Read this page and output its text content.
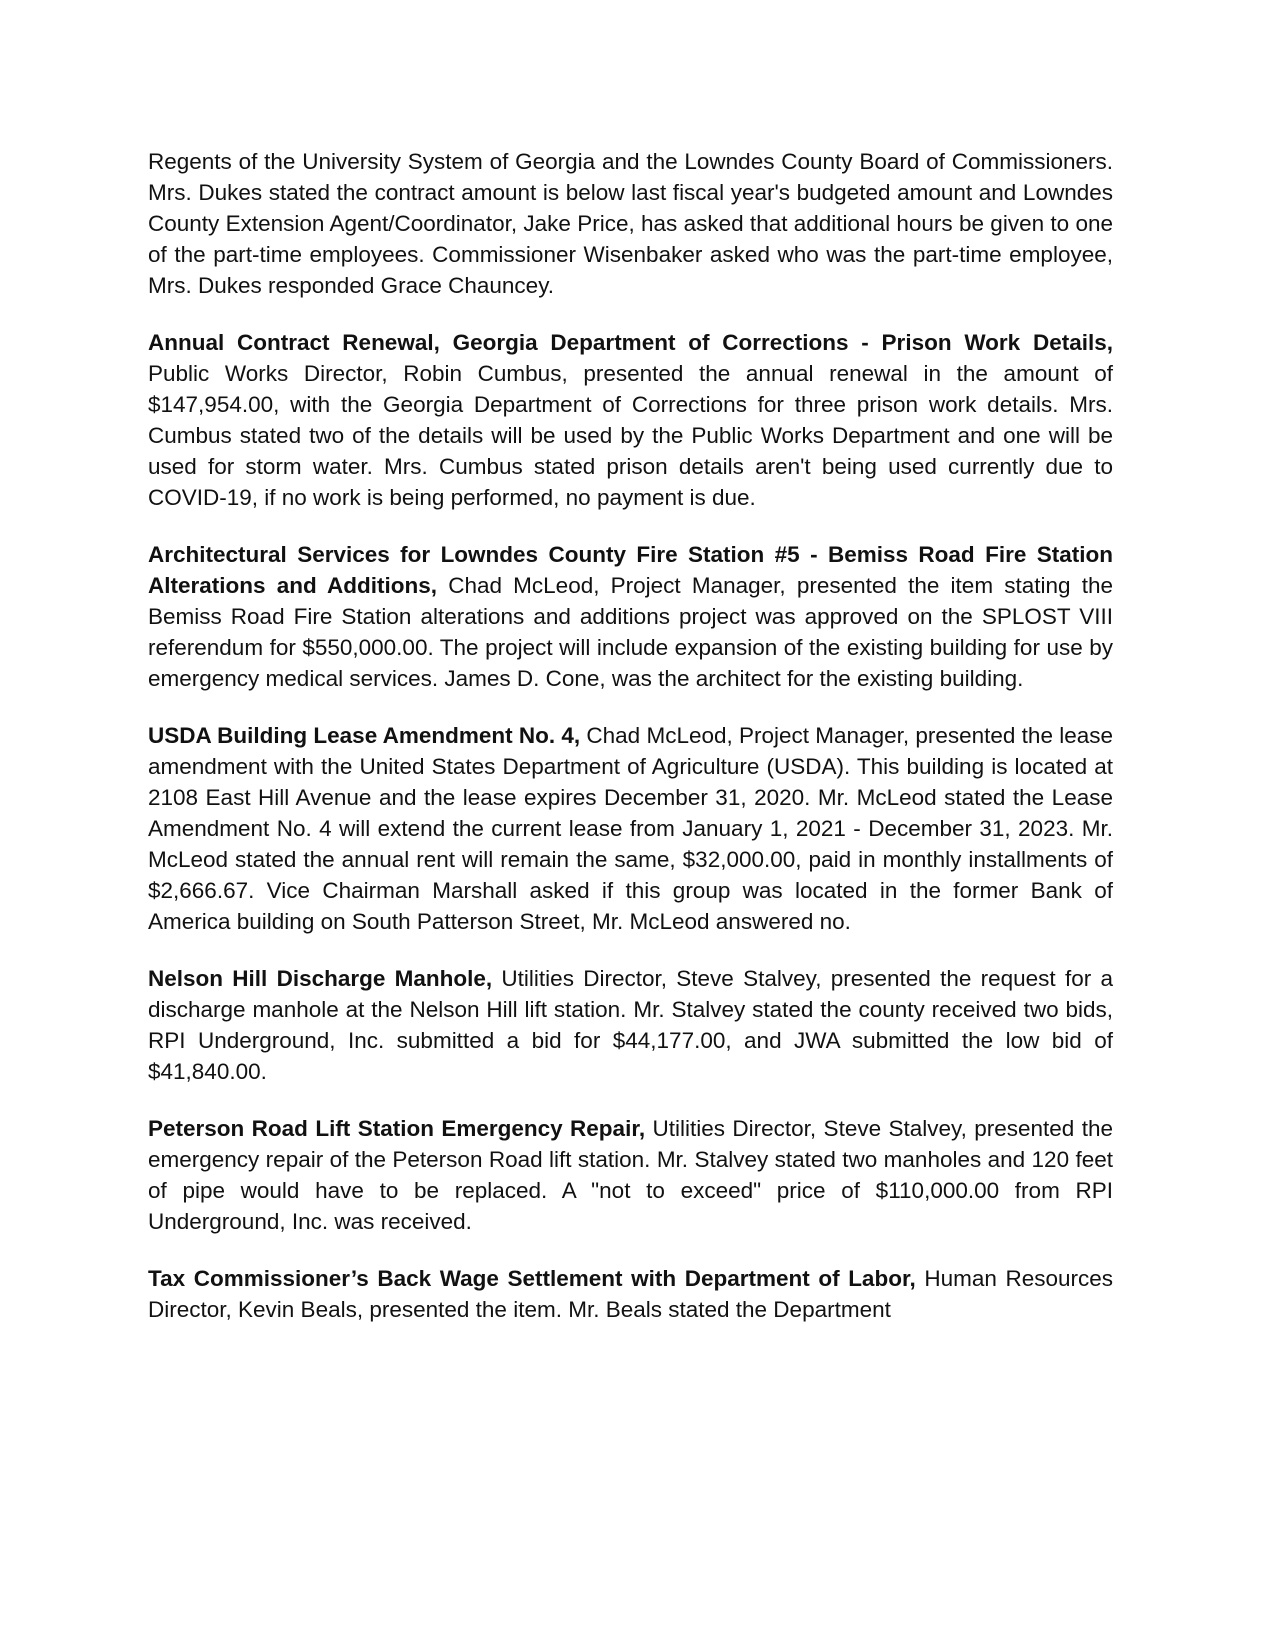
Regents of the University System of Georgia and the Lowndes County Board of Commissioners. Mrs. Dukes stated the contract amount is below last fiscal year's budgeted amount and Lowndes County Extension Agent/Coordinator, Jake Price, has asked that additional hours be given to one of the part-time employees. Commissioner Wisenbaker asked who was the part-time employee, Mrs. Dukes responded Grace Chauncey.

Annual Contract Renewal, Georgia Department of Corrections - Prison Work Details, Public Works Director, Robin Cumbus, presented the annual renewal in the amount of $147,954.00, with the Georgia Department of Corrections for three prison work details. Mrs. Cumbus stated two of the details will be used by the Public Works Department and one will be used for storm water. Mrs. Cumbus stated prison details aren't being used currently due to COVID-19, if no work is being performed, no payment is due.

Architectural Services for Lowndes County Fire Station #5 - Bemiss Road Fire Station Alterations and Additions, Chad McLeod, Project Manager, presented the item stating the Bemiss Road Fire Station alterations and additions project was approved on the SPLOST VIII referendum for $550,000.00. The project will include expansion of the existing building for use by emergency medical services. James D. Cone, was the architect for the existing building.

USDA Building Lease Amendment No. 4, Chad McLeod, Project Manager, presented the lease amendment with the United States Department of Agriculture (USDA). This building is located at 2108 East Hill Avenue and the lease expires December 31, 2020. Mr. McLeod stated the Lease Amendment No. 4 will extend the current lease from January 1, 2021 - December 31, 2023. Mr. McLeod stated the annual rent will remain the same, $32,000.00, paid in monthly installments of $2,666.67. Vice Chairman Marshall asked if this group was located in the former Bank of America building on South Patterson Street, Mr. McLeod answered no.

Nelson Hill Discharge Manhole, Utilities Director, Steve Stalvey, presented the request for a discharge manhole at the Nelson Hill lift station. Mr. Stalvey stated the county received two bids, RPI Underground, Inc. submitted a bid for $44,177.00, and JWA submitted the low bid of $41,840.00.

Peterson Road Lift Station Emergency Repair, Utilities Director, Steve Stalvey, presented the emergency repair of the Peterson Road lift station. Mr. Stalvey stated two manholes and 120 feet of pipe would have to be replaced. A "not to exceed" price of $110,000.00 from RPI Underground, Inc. was received.

Tax Commissioner’s Back Wage Settlement with Department of Labor, Human Resources Director, Kevin Beals, presented the item. Mr. Beals stated the Department
